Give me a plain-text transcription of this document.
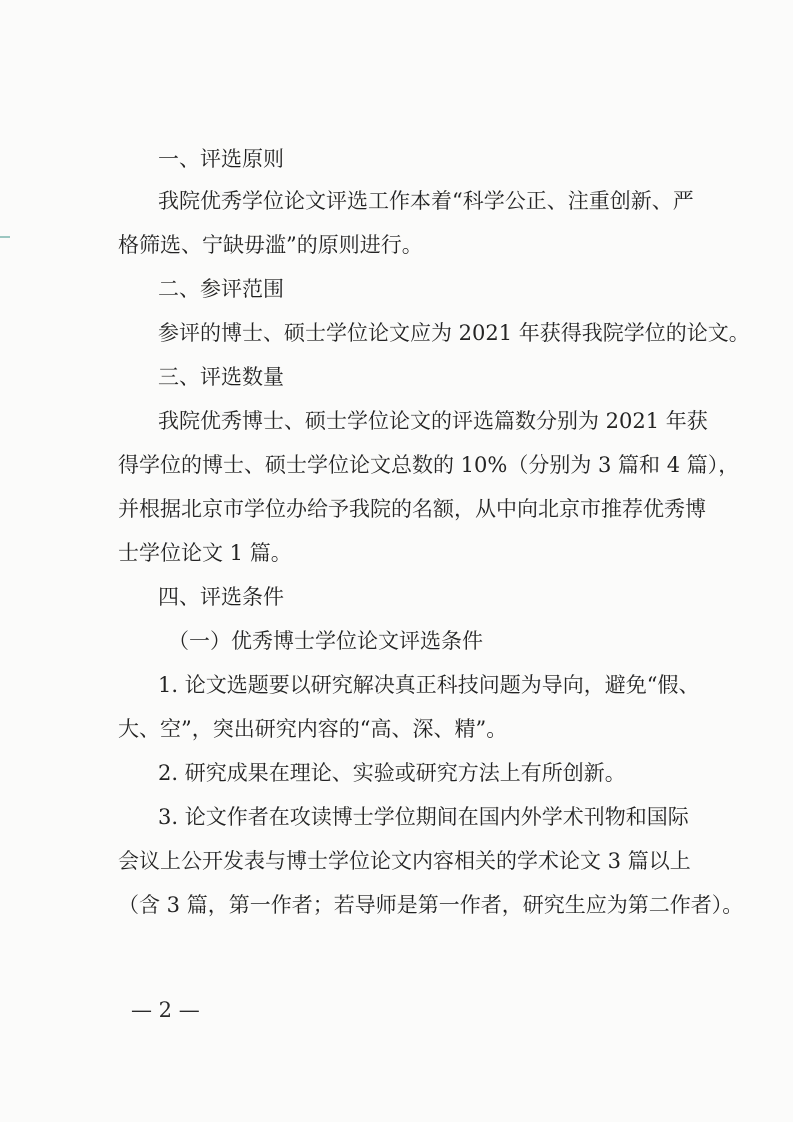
一、评选原则
我院优秀学位论文评选工作本着“科学公正、注重创新、严
格筛选、宁缺毋滥”的原则进行。
二、参评范围
参评的博士、硕士学位论文应为 2021 年获得我院学位的论文。
三、评选数量
我院优秀博士、硕士学位论文的评选篇数分别为 2021 年获
得学位的博士、硕士学位论文总数的 10%（分别为 3 篇和 4 篇），
并根据北京市学位办给予我院的名额，从中向北京市推荐优秀博
士学位论文 1 篇。
四、评选条件
（一）优秀博士学位论文评选条件
1. 论文选题要以研究解决真正科技问题为导向，避免“假、
大、空”，突出研究内容的“高、深、精”。
2. 研究成果在理论、实验或研究方法上有所创新。
3. 论文作者在攻读博士学位期间在国内外学术刊物和国际
会议上公开发表与博士学位论文内容相关的学术论文 3 篇以上
（含 3 篇，第一作者；若导师是第一作者，研究生应为第二作者）。
— 2 —
